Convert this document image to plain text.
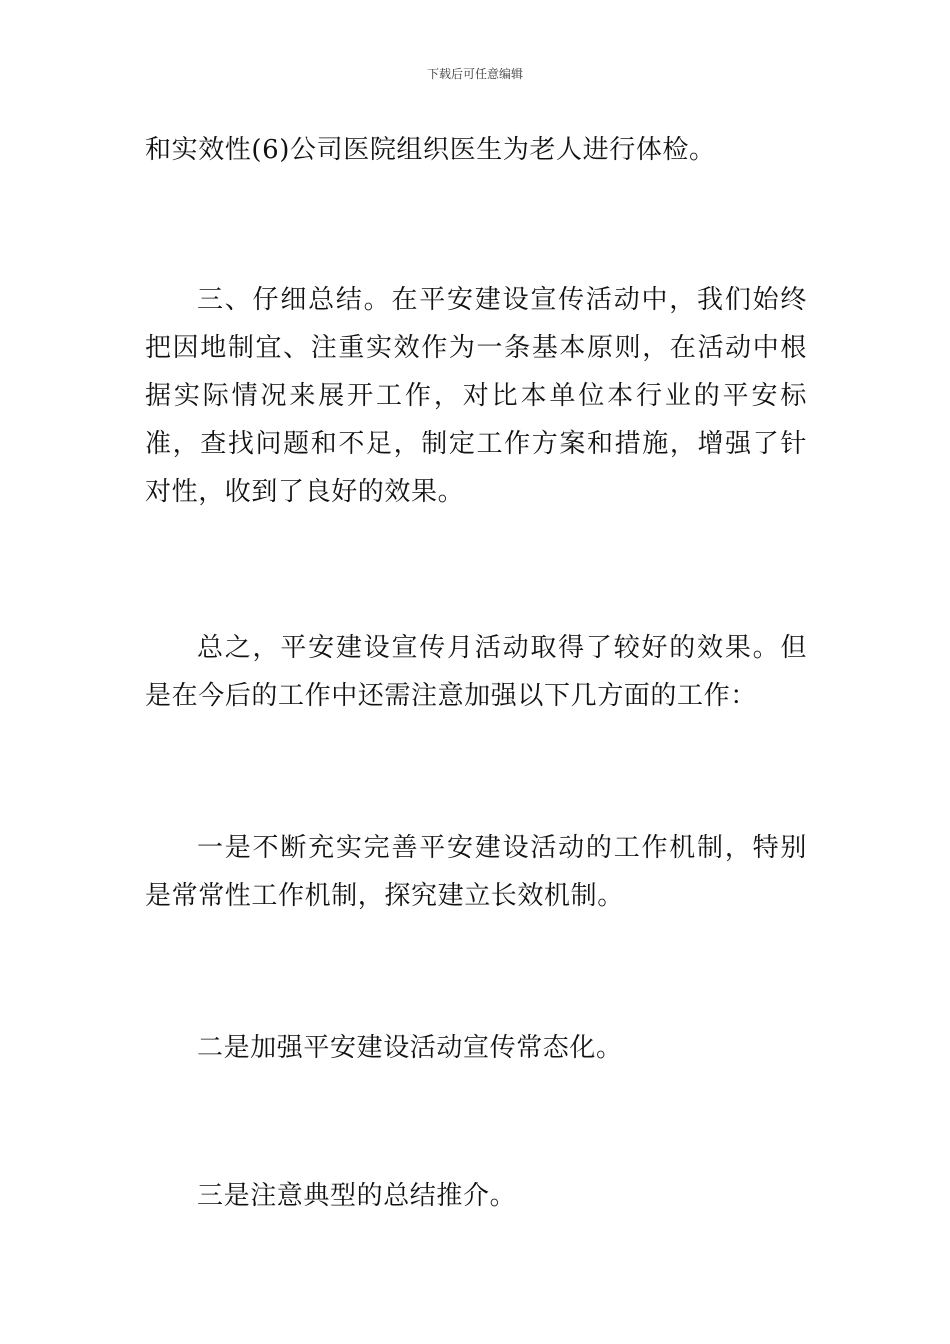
下载后可任意编辑

和实效性(6)公司医院组织医生为老人进行体检。

三、仔细总结。在平安建设宣传活动中，我们始终把因地制宜、注重实效作为一条基本原则，在活动中根据实际情况来展开工作，对比本单位本行业的平安标准，查找问题和不足，制定工作方案和措施，增强了针对性，收到了良好的效果。

总之，平安建设宣传月活动取得了较好的效果。但是在今后的工作中还需注意加强以下几方面的工作：

一是不断充实完善平安建设活动的工作机制，特别是常常性工作机制，探究建立长效机制。

二是加强平安建设活动宣传常态化。

三是注意典型的总结推介。
